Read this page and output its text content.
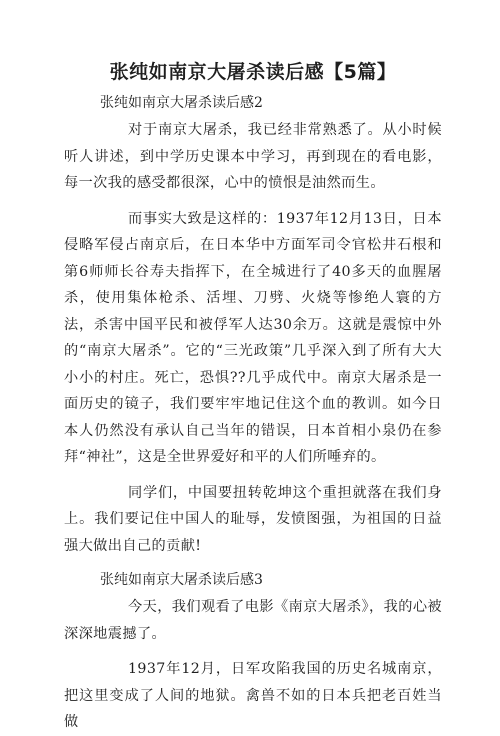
张纯如南京大屠杀读后感【5篇】
张纯如南京大屠杀读后感2

对于南京大屠杀，我已经非常熟悉了。从小时候听人讲述，到中学历史课本中学习，再到现在的看电影，每一次我的感受都很深，心中的愤恨是油然而生。

而事实大致是这样的：1937年12月13日，日本侵略军侵占南京后，在日本华中方面军司令官松井石根和第6师师长谷寿夫指挥下，在全城进行了40多天的血腥屠杀，使用集体枪杀、活埋、刀劈、火烧等惨绝人寰的方法，杀害中国平民和被俘军人达30余万。这就是震惊中外的“南京大屠杀”。它的“三光政策”几乎深入到了所有大大小小的村庄。死亡，恐惧??几乎成代中。南京大屠杀是一面历史的镜子，我们要牢牢地记住这个血的教训。如今日本人仍然没有承认自己当年的错误，日本首相小泉仍在参拜“神社”，这是全世界爱好和平的人们所唾弃的。

同学们，中国要扭转乾坤这个重担就落在我们身上。我们要记住中国人的耻辱，发愤图强，为祖国的日益强大做出自己的贡献!

张纯如南京大屠杀读后感3

今天，我们观看了电影《南京大屠杀》，我的心被深深地震撼了。

1937年12月，日军攻陷我国的历史名城南京，把这里变成了人间的地狱。禽兽不如的日本兵把老百姓当做
